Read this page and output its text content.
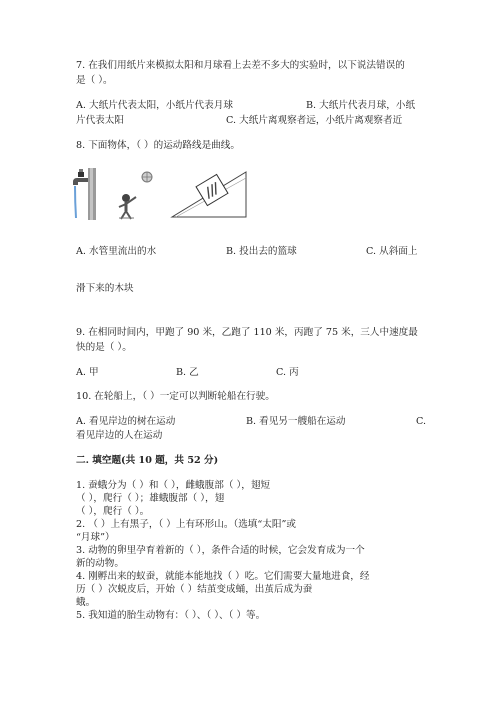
7. 在我们用纸片来模拟太阳和月球看上去差不多大的实验时，以下说法错误的
是（ ）。
A. 大纸片代表太阳，小纸片代表月球	B. 大纸片代表月球，小纸
片代表太阳	C. 大纸片离观察者远，小纸片离观察者近
8. 下面物体，（ ）的运动路线是曲线。
A. 水管里流出的水	B. 投出去的篮球	C. 从斜面上
滑下来的木块
9. 在相同时间内，甲跑了 90 米，乙跑了 110 米，丙跑了 75 米，三人中速度最
快的是（ ）。
A. 甲	B. 乙	C. 丙
10. 在轮船上，（ ）一定可以判断轮船在行驶。
A. 看见岸边的树在运动	B. 看见另一艘船在运动	C.
看见岸边的人在运动
二. 填空题(共 10 题，共 52 分)
1. 蚕蛾分为（ ）和（ ），雌蛾腹部（ ），翅短
（ ），爬行（ ）；雄蛾腹部（ ），翅
（ ），爬行（ ）。
2. （ ）上有黑子，（ ）上有环形山。（选填“太阳”或
“月球”）
3. 动物的卵里孕育着新的（ ），条件合适的时候，它会发育成为一个
新的动物。
4. 刚孵出来的蚁蚕，就能本能地找（ ）吃。它们需要大量地进食，经
历（ ）次蜕皮后，开始（ ）结茧变成蛹，出茧后成为蚕
蛾。
5. 我知道的胎生动物有：（ ）、（ ）、（ ）等。
